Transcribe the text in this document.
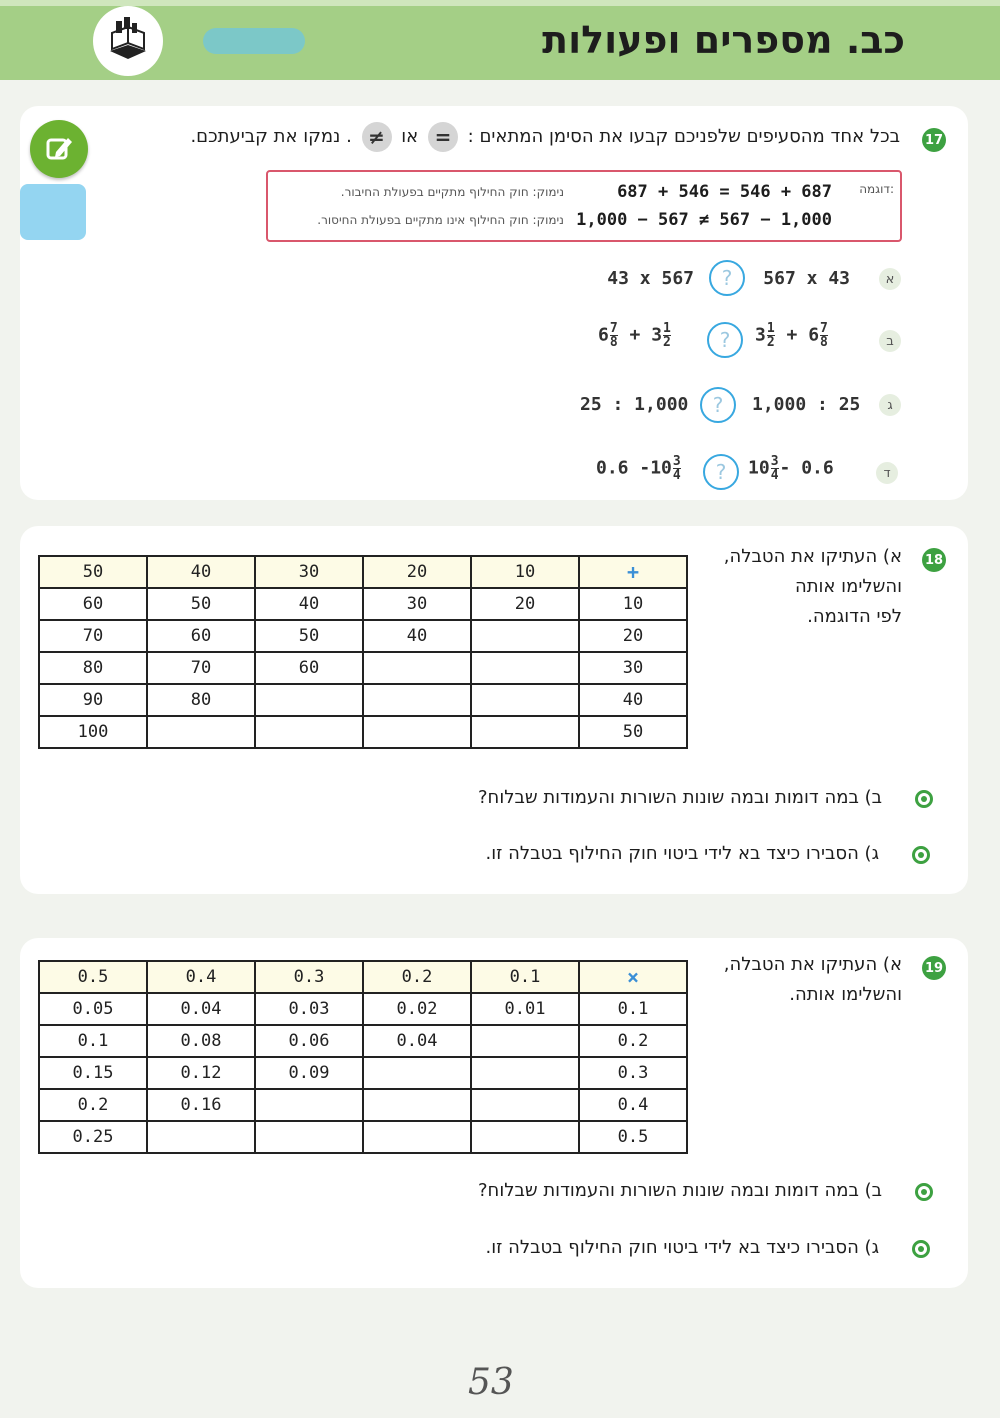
כב. מספרים ופעולות
17
בכל אחד מהסעיפים שלפניכם קבעו את הסימן המתאים : = או ≠ . נמקו את קביעתכם.
דוגמה:
687 + 546 = 546 + 687
נימוק: חוק החילוף מתקיים בפעולת החיבור.
1,000 − 567 ≠ 567 − 1,000
נימוק: חוק החילוף אינו מתקיים בפעולת החיסור.
א
567 x 43
?
43 x 567
ב
$3 \frac{1}{2} + 6 \frac{7}{8}$
?
$6 \frac{7}{8} + 3 \frac{1}{2}$
ג
1,000 : 25
?
25 : 1,000
ד
$10 \frac{3}{4} - 0.6$
?
0.6 $-10 \frac{3}{4}$
18
א) העתיקו את הטבלה,
והשלימו אותה
לפי הדוגמה.
50	40	30	20	10	+
60	50	40	30	20	10
70	60	50	40		20
80	70	60			30
90	80				40
100					50
ב) במה דומות ובמה שונות השורות והעמודות שבלוח?
ג) הסבירו כיצד בא לידי ביטוי חוק החילוף בטבלה זו.
19
א) העתיקו את הטבלה,
והשלימו אותה.
0.5	0.4	0.3	0.2	0.1	×
0.05	0.04	0.03	0.02	0.01	0.1
0.1	0.08	0.06	0.04		0.2
0.15	0.12	0.09			0.3
0.2	0.16				0.4
0.25					0.5
ב) במה דומות ובמה שונות השורות והעמודות שבלוח?
ג) הסבירו כיצד בא לידי ביטוי חוק החילוף בטבלה זו.
53
